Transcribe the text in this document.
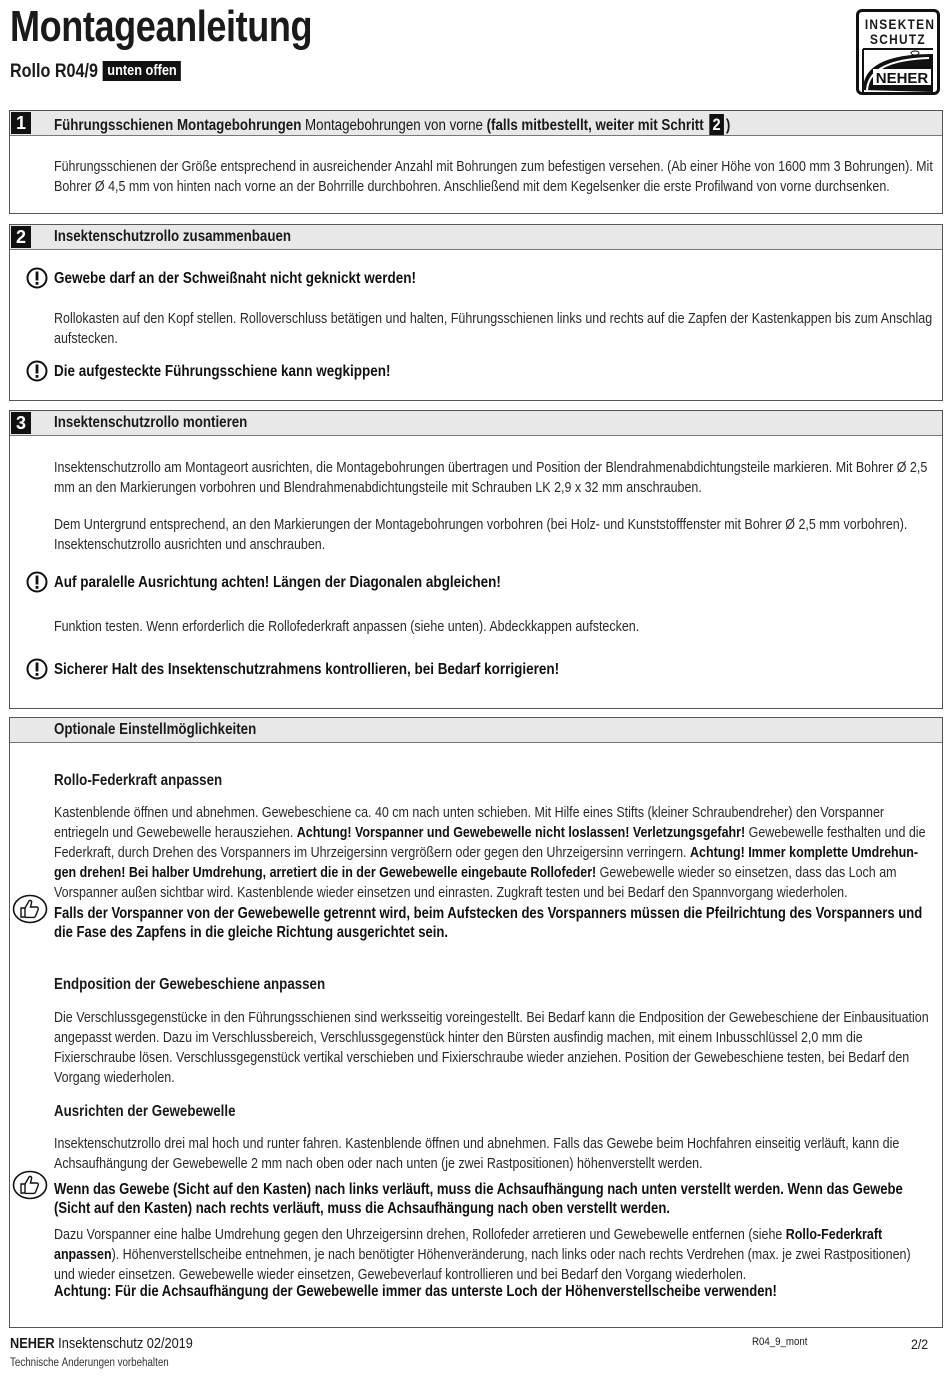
Montageanleitung
Rollo R04/9 unten offen
INSEKTEN
SCHUTZ
NEHER
1	Führungsschienen Montagebohrungen Montagebohrungen von vorne (falls mitbestellt, weiter mit Schritt 2 )
Führungsschienen der Größe entsprechend in ausreichender Anzahl mit Bohrungen zum befestigen versehen. (Ab einer Höhe von 1600 mm 3 Bohrungen). Mit Bohrer Ø 4,5 mm von hinten nach vorne an der Bohrrille durchbohren. Anschließend mit dem Kegelsenker die erste Profilwand von vorne durchsenken.
2	Insektenschutzrollo zusammenbauen
Gewebe darf an der Schweißnaht nicht geknickt werden!
Rollokasten auf den Kopf stellen. Rolloverschluss betätigen und halten, Führungsschienen links und rechts auf die Zapfen der Kastenkappen bis zum Anschlag aufstecken.
Die aufgesteckte Führungsschiene kann wegkippen!
3	Insektenschutzrollo montieren
Insektenschutzrollo am Montageort ausrichten, die Montagebohrungen übertragen und Position der Blendrahmenabdichtungsteile markieren. Mit Bohrer Ø 2,5 mm an den Markierungen vorbohren und Blendrahmenabdichtungsteile mit Schrauben LK 2,9 x 32 mm anschrauben.
Dem Untergrund entsprechend, an den Markierungen der Montagebohrungen vorbohren (bei Holz- und Kunststofffenster mit Bohrer Ø 2,5 mm vorbohren). Insektenschutzrollo ausrichten und anschrauben.
Auf paralelle Ausrichtung achten! Längen der Diagonalen abgleichen!
Funktion testen. Wenn erforderlich die Rollofederkraft anpassen (siehe unten). Abdeckkappen aufstecken.
Sicherer Halt des Insektenschutzrahmens kontrollieren, bei Bedarf korrigieren!
Optionale Einstellmöglichkeiten
Rollo-Federkraft anpassen
Kastenblende öffnen und abnehmen. Gewebeschiene ca. 40 cm nach unten schieben. Mit Hilfe eines Stifts (kleiner Schraubendreher) den Vorspanner entriegeln und Gewebewelle herausziehen. Achtung! Vorspanner und Gewebewelle nicht loslassen! Verletzungsgefahr! Gewebewelle festhalten und die Federkraft, durch Drehen des Vorspanners im Uhrzeigersinn vergrößern oder gegen den Uhrzeigersinn verringern. Achtung! Immer komplette Umdrehun-gen drehen! Bei halber Umdrehung, arretiert die in der Gewebewelle eingebaute Rollofeder! Gewebewelle wieder so einsetzen, dass das Loch am Vorspanner außen sichtbar wird. Kastenblende wieder einsetzen und einrasten. Zugkraft testen und bei Bedarf den Spannvorgang wiederholen.
Falls der Vorspanner von der Gewebewelle getrennt wird, beim Aufstecken des Vorspanners müssen die Pfeilrichtung des Vorspanners und die Fase des Zapfens in die gleiche Richtung ausgerichtet sein.
Endposition der Gewebeschiene anpassen
Die Verschlussgegenstücke in den Führungsschienen sind werksseitig voreingestellt. Bei Bedarf kann die Endposition der Gewebeschiene der Einbausituation angepasst werden. Dazu im Verschlussbereich, Verschlussgegenstück hinter den Bürsten ausfindig machen, mit einem Inbusschlüssel 2,0 mm die Fixierschraube lösen. Verschlussgegenstück vertikal verschieben und Fixierschraube wieder anziehen. Position der Gewebeschiene testen, bei Bedarf den Vorgang wiederholen.
Ausrichten der Gewebewelle
Insektenschutzrollo drei mal hoch und runter fahren. Kastenblende öffnen und abnehmen. Falls das Gewebe beim Hochfahren einseitig verläuft, kann die Achsaufhängung der Gewebewelle 2 mm nach oben oder nach unten (je zwei Rastpositionen) höhenverstellt werden.
Wenn das Gewebe (Sicht auf den Kasten) nach links verläuft, muss die Achsaufhängung nach unten verstellt werden. Wenn das Gewebe (Sicht auf den Kasten) nach rechts verläuft, muss die Achsaufhängung nach oben verstellt werden.
Dazu Vorspanner eine halbe Umdrehung gegen den Uhrzeigersinn drehen, Rollofeder arretieren und Gewebewelle entfernen (siehe Rollo-Federkraft anpassen). Höhenverstellscheibe entnehmen, je nach benötigter Höhenveränderung, nach links oder nach rechts Verdrehen (max. je zwei Rastpositionen) und wieder einsetzen. Gewebewelle wieder einsetzen, Gewebeverlauf kontrollieren und bei Bedarf den Vorgang wiederholen.
Achtung: Für die Achsaufhängung der Gewebewelle immer das unterste Loch der Höhenverstellscheibe verwenden!
NEHER Insektenschutz 02/2019
Technische Änderungen vorbehalten
R04_9_mont	2/2
